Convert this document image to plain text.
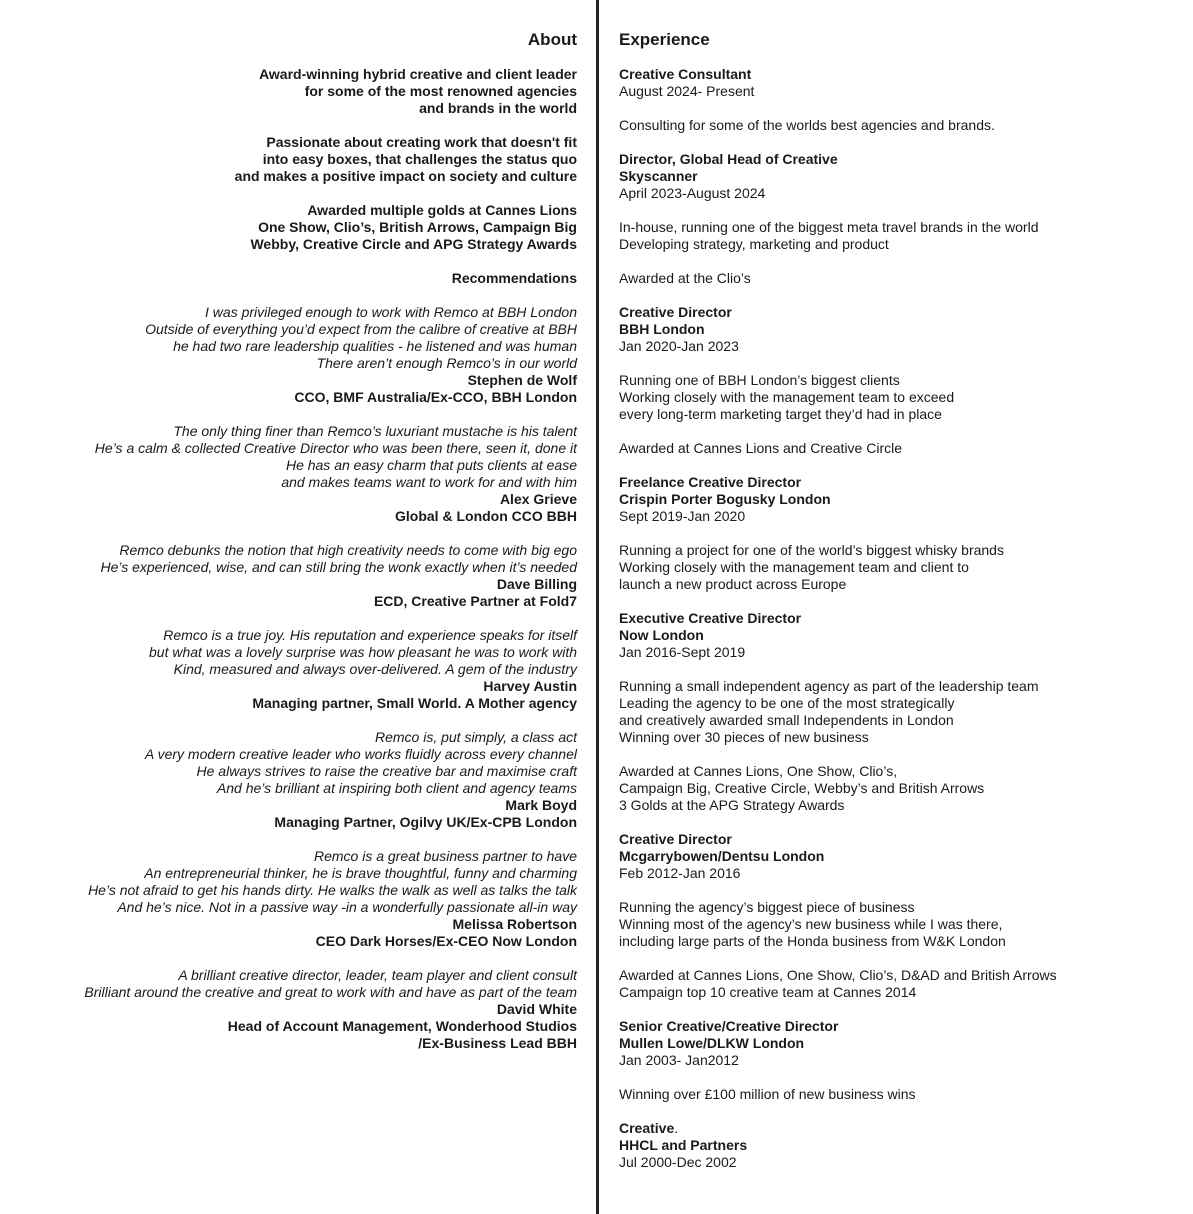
About
Award-winning hybrid creative and client leader
for some of the most renowned agencies
and brands in the world
Passionate about creating work that doesn't fit
into easy boxes, that challenges the status quo
and makes a positive impact on society and culture
Awarded multiple golds at Cannes Lions
One Show, Clio’s, British Arrows, Campaign Big
Webby, Creative Circle and APG Strategy Awards
Recommendations
I was privileged enough to work with Remco at BBH London
Outside of everything you’d expect from the calibre of creative at BBH
he had two rare leadership qualities - he listened and was human
There aren’t enough Remco’s in our world
Stephen de Wolf
CCO, BMF Australia/Ex-CCO, BBH London
The only thing finer than Remco’s luxuriant mustache is his talent
He’s a calm & collected Creative Director who was been there, seen it, done it
He has an easy charm that puts clients at ease
and makes teams want to work for and with him
Alex Grieve
Global & London CCO BBH
Remco debunks the notion that high creativity needs to come with big ego
He’s experienced, wise, and can still bring the wonk exactly when it’s needed
Dave Billing
ECD, Creative Partner at Fold7
Remco is a true joy. His reputation and experience speaks for itself
but what was a lovely surprise was how pleasant he was to work with
Kind, measured and always over-delivered. A gem of the industry
Harvey Austin
Managing partner, Small World. A Mother agency
Remco is, put simply, a class act
A very modern creative leader who works fluidly across every channel
He always strives to raise the creative bar and maximise craft
And he’s brilliant at inspiring both client and agency teams
Mark Boyd
Managing Partner, Ogilvy UK/Ex-CPB London
Remco is a great business partner to have
An entrepreneurial thinker, he is brave thoughtful, funny and charming
He’s not afraid to get his hands dirty. He walks the walk as well as talks the talk
And he’s nice. Not in a passive way -in a wonderfully passionate all-in way
Melissa Robertson
CEO Dark Horses/Ex-CEO Now London
A brilliant creative director, leader, team player and client consult
Brilliant around the creative and great to work with and have as part of the team
David White
Head of Account Management, Wonderhood Studios
/Ex-Business Lead BBH
Experience
Creative Consultant
August 2024- Present
Consulting for some of the worlds best agencies and brands.
Director, Global Head of Creative
Skyscanner
April 2023-August 2024
In-house, running one of the biggest meta travel brands in the world
Developing strategy, marketing and product
Awarded at the Clio’s
Creative Director
BBH London
Jan 2020-Jan 2023
Running one of BBH London’s biggest clients
Working closely with the management team to exceed
every long-term marketing target they’d had in place
Awarded at Cannes Lions and Creative Circle
Freelance Creative Director
Crispin Porter Bogusky London
Sept 2019-Jan 2020
Running a project for one of the world’s biggest whisky brands
Working closely with the management team and client to
launch a new product across Europe
Executive Creative Director
Now London
Jan 2016-Sept 2019
Running a small independent agency as part of the leadership team
Leading the agency to be one of the most strategically
and creatively awarded small Independents in London
Winning over 30 pieces of new business
Awarded at Cannes Lions, One Show, Clio’s,
Campaign Big, Creative Circle, Webby’s and British Arrows
3 Golds at the APG Strategy Awards
Creative Director
Mcgarrybowen/Dentsu London
Feb 2012-Jan 2016
Running the agency’s biggest piece of business
Winning most of the agency’s new business while I was there,
including large parts of the Honda business from W&K London
Awarded at Cannes Lions, One Show, Clio’s, D&AD and British Arrows
Campaign top 10 creative team at Cannes 2014
Senior Creative/Creative Director
Mullen Lowe/DLKW London
Jan 2003- Jan2012
Winning over £100 million of new business wins
Creative.
HHCL and Partners
Jul 2000-Dec 2002
